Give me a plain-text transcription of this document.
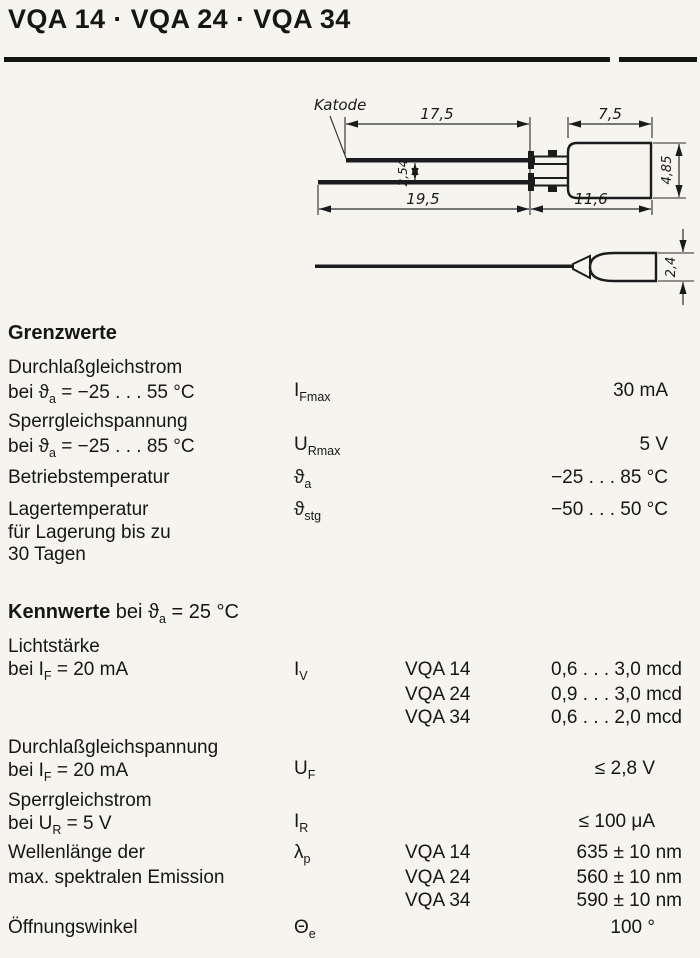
VQA 14 · VQA 24 · VQA 34
Katode	17,5	7,5
19,5	11,6
2,54	4,85
2,4
Grenzwerte
Durchlaßgleichstrom
bei $ϑ_a = -25$ . . . 55 °C	$I_{Fmax}$	30 mA
Sperrgleichspannung
bei $ϑ_a = -25$ . . . 85 °C	$U_{Rmax}$	5 V
Betriebstemperatur	$ϑ_a$	−25 . . . 85 °C
Lagertemperatur
für Lagerung bis zu
30 Tagen
$ϑ_{stg}$	−50 . . . 50 °C
Kennwerte bei $ϑ_a = 25$ °C
Lichtstärke
bei $I_F = 20$ mA	$I_V$	VQA 14	0,6 . . . 3,0 mcd
VQA 24	0,9 . . . 3,0 mcd
VQA 34	0,6 . . . 2,0 mcd
Durchlaßgleichspannung
bei $I_F = 20$ mA	$U_F$	≤ 2,8 V
Sperrgleichstrom
bei $U_R = 5$ V	$I_R$	≤ 100 μA
Wellenlänge der
max. spektralen Emission
$\lambda_p$	VQA 14	635 ± 10 nm
VQA 24	560 ± 10 nm
VQA 34	590 ± 10 nm
Öffnungswinkel	$\Theta_e$	100 °
